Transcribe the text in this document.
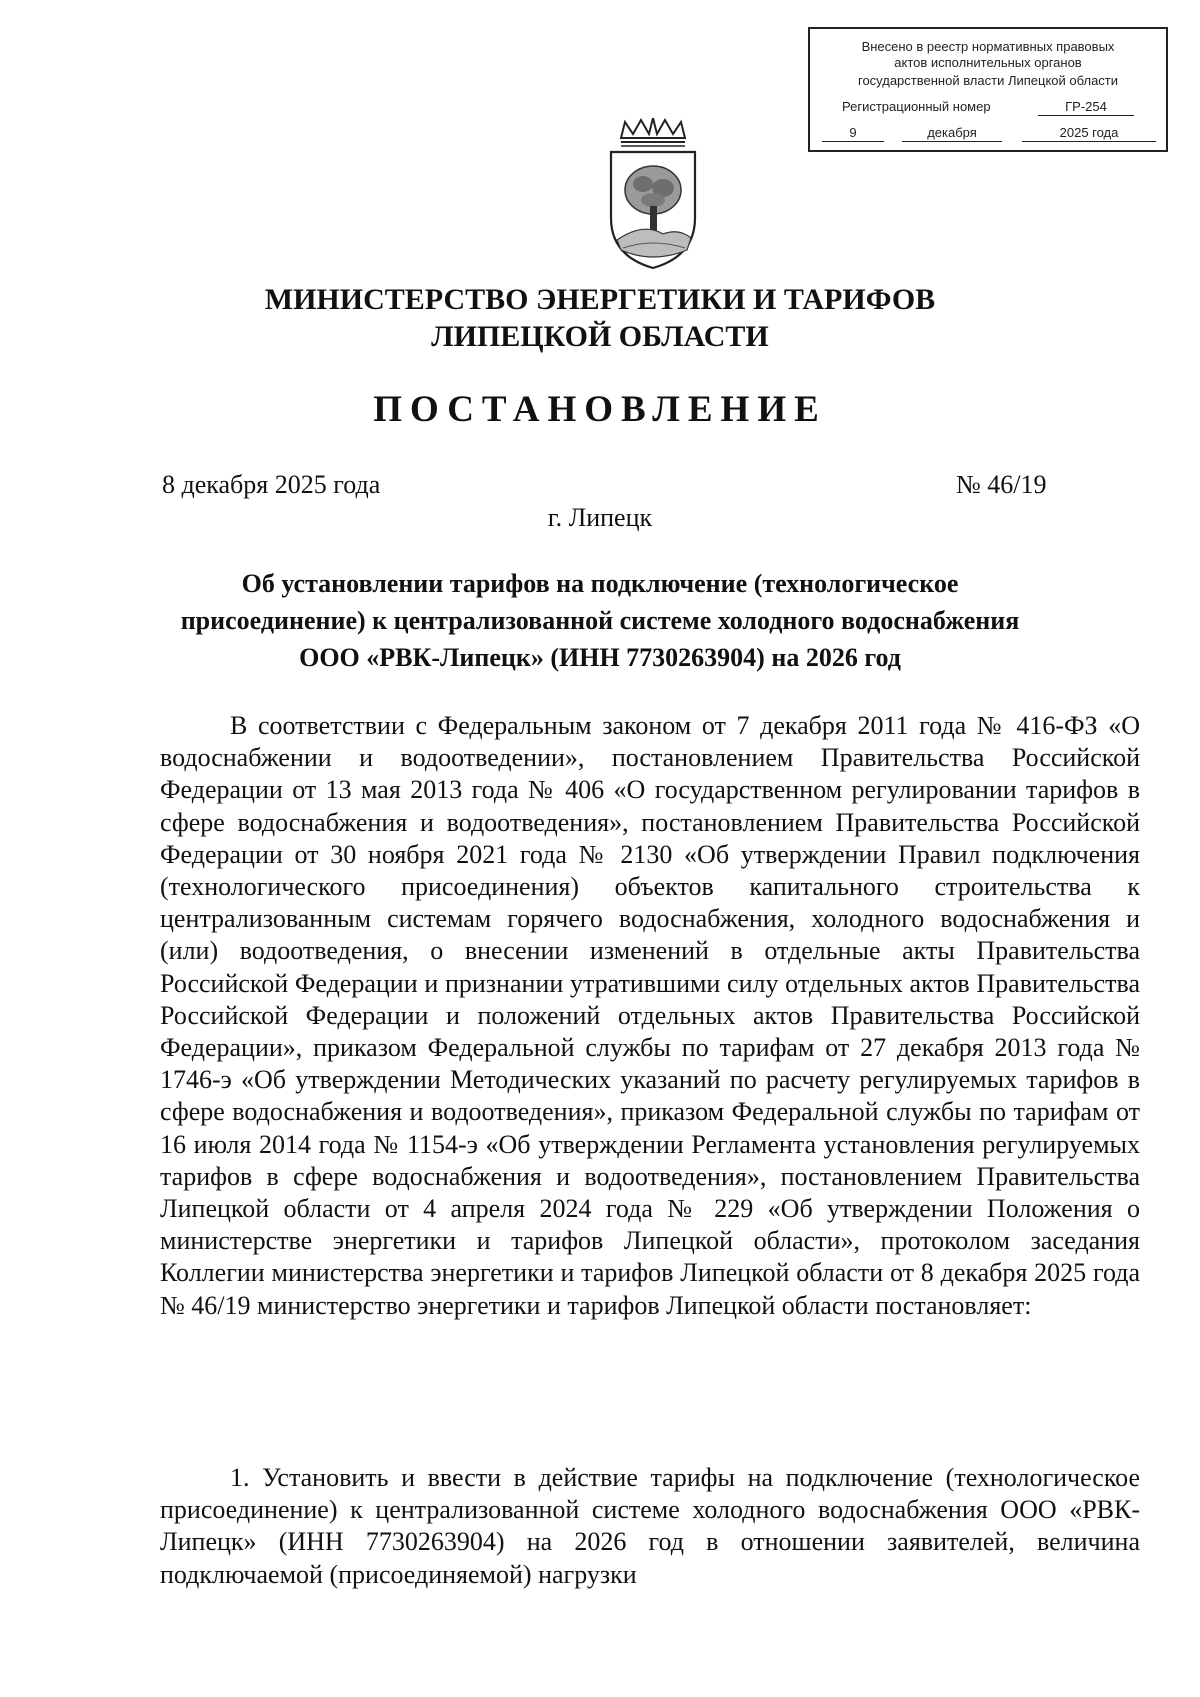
Внесено в реестр нормативных правовых
актов исполнительных органов
государственной власти Липецкой области
Регистрационный номер	ГР-254
9	декабря	2025 года
МИНИСТЕРСТВО ЭНЕРГЕТИКИ И ТАРИФОВ
ЛИПЕЦКОЙ ОБЛАСТИ
ПОСТАНОВЛЕНИЕ
8 декабря 2025 года	№ 46/19
г. Липецк
Об установлении тарифов на подключение (технологическое присоединение) к централизованной системе холодного водоснабжения ООО «РВК-Липецк» (ИНН 7730263904) на 2026 год
В соответствии с Федеральным законом от 7 декабря 2011 года № 416-ФЗ «О водоснабжении и водоотведении», постановлением Правительства Российской Федерации от 13 мая 2013 года № 406 «О государственном регулировании тарифов в сфере водоснабжения и водоотведения», постановлением Правительства Российской Федерации от 30 ноября 2021 года № 2130 «Об утверждении Правил подключения (технологического присоединения) объектов капитального строительства к централизованным системам горячего водоснабжения, холодного водоснабжения и (или) водоотведения, о внесении изменений в отдельные акты Правительства Российской Федерации и признании утратившими силу отдельных актов Правительства Российской Федерации и положений отдельных актов Правительства Российской Федерации», приказом Федеральной службы по тарифам от 27 декабря 2013 года № 1746-э «Об утверждении Методических указаний по расчету регулируемых тарифов в сфере водоснабжения и водоотведения», приказом Федеральной службы по тарифам от 16 июля 2014 года № 1154-э «Об утверждении Регламента установления регулируемых тарифов в сфере водоснабжения и водоотведения», постановлением Правительства Липецкой области от 4 апреля 2024 года № 229 «Об утверждении Положения о министерстве энергетики и тарифов Липецкой области», протоколом заседания Коллегии министерства энергетики и тарифов Липецкой области от 8 декабря 2025 года № 46/19 министерство энергетики и тарифов Липецкой области постановляет:
1. Установить и ввести в действие тарифы на подключение (технологическое присоединение) к централизованной системе холодного водоснабжения ООО «РВК-Липецк» (ИНН 7730263904) на 2026 год в отношении заявителей, величина подключаемой (присоединяемой) нагрузки
